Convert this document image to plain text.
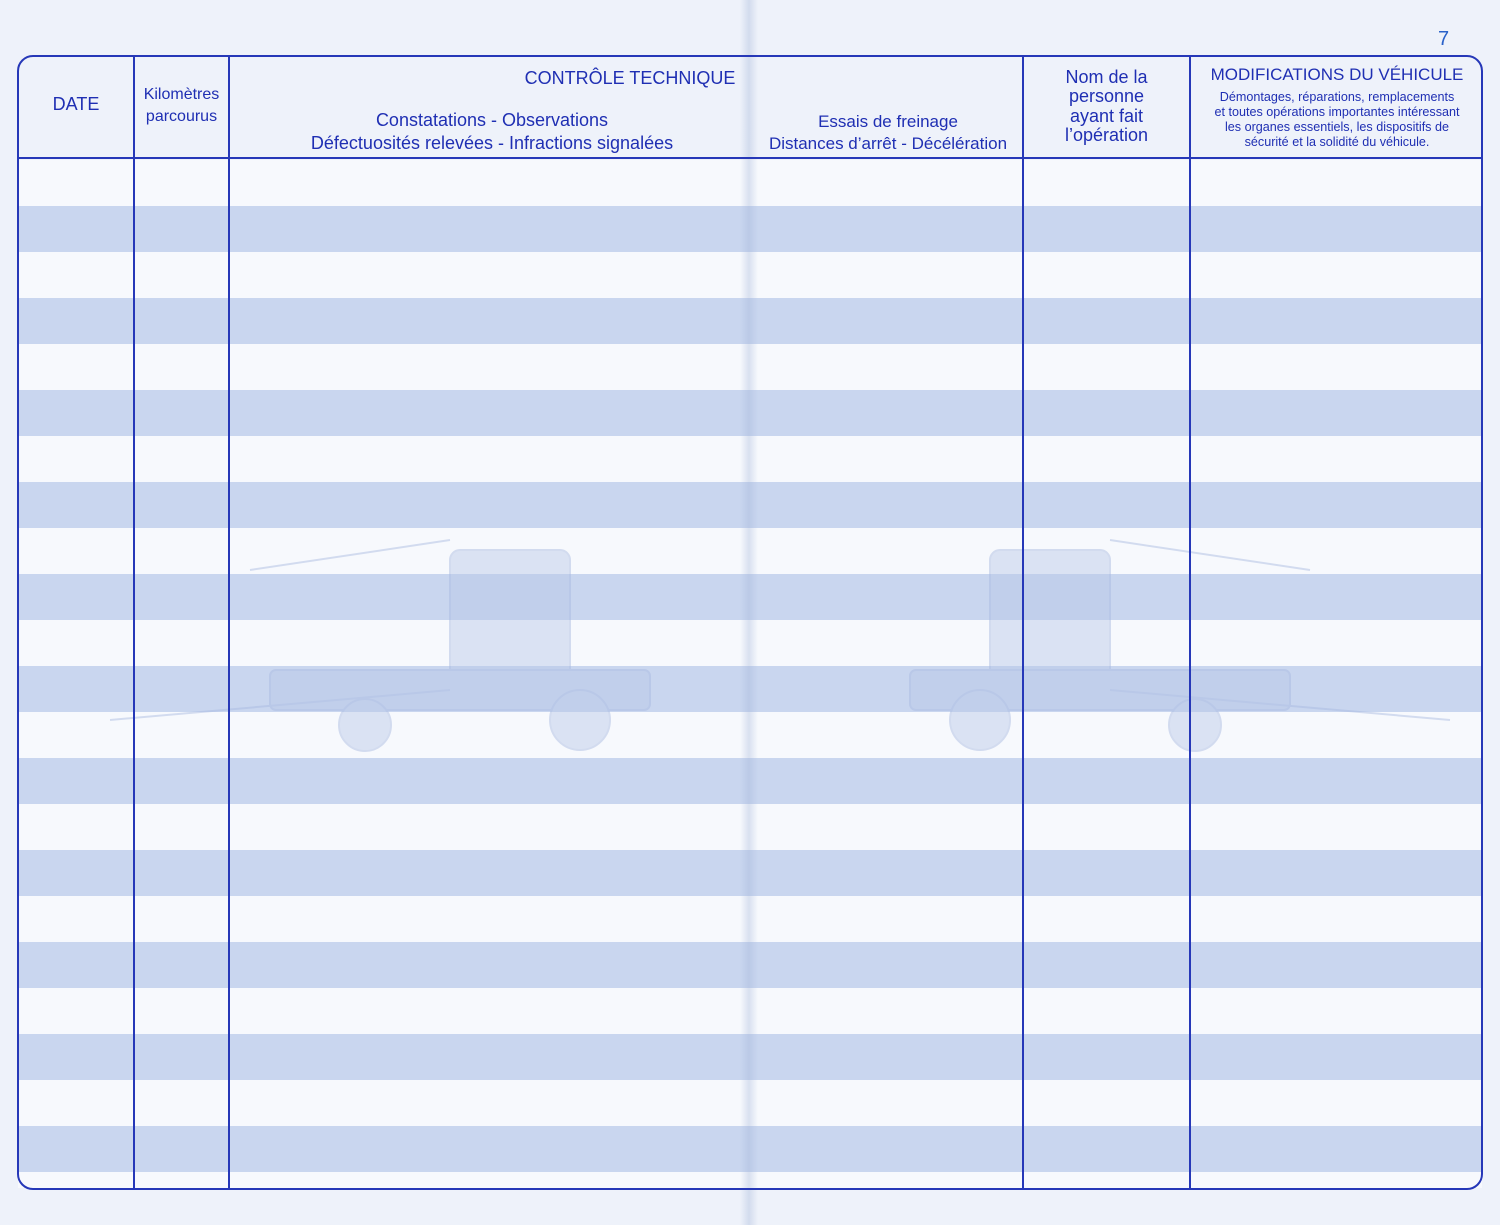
7
DATE	Kilomètres
parcourus
CONTRÔLE TECHNIQUE
Constatations - Observations
Défectuosités relevées - Infractions signalées
Essais de freinage
Distances d’arrêt - Décélération
Nom de la
personne
ayant fait
l’opération
MODIFICATIONS DU VÉHICULE
Démontages, réparations, remplacements
et toutes opérations importantes intéressant
les organes essentiels, les dispositifs de
sécurité et la solidité du véhicule.
